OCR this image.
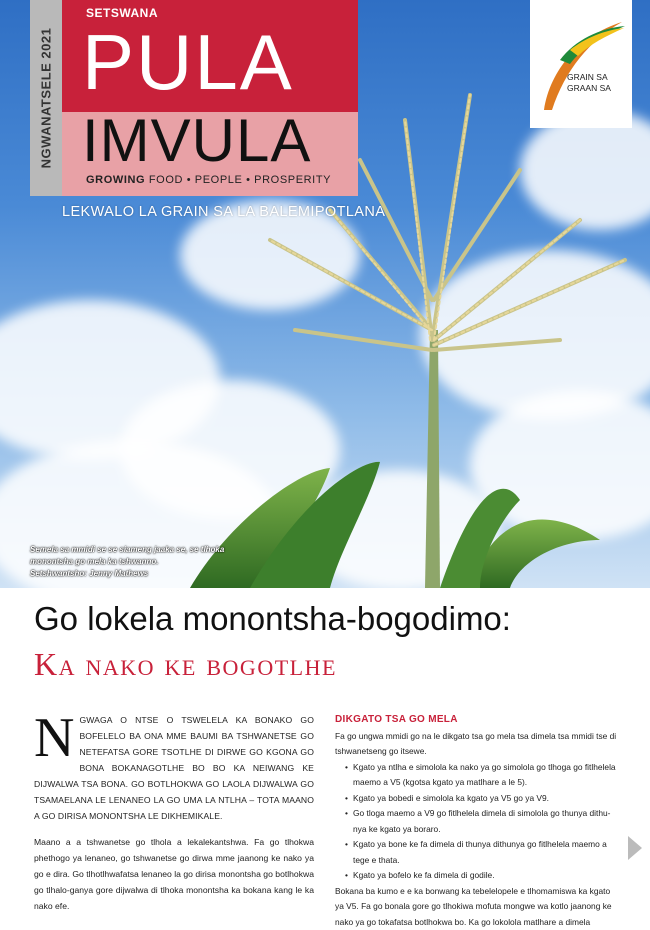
NGWANATSELE 2021
SETSWANA
PULA
IMVULA
GROWING FOOD • PEOPLE • PROSPERITY
LEKWALO LA GRAIN SA LA BALEMIPOTLANA
GRAIN SA
GRAAN SA
Semela sa mmidi se se siameng jaaka se, se tlhoka monontsha go mela ka tshwanno.
Setshwantsho: Jenny Mathews
Go lokela monontsha-bogodimo:
Ka nako ke bogotlhe
N GWAGA O NTSE O TSWELELA KA BONAKO GO BOFELELO BA ONA MME BAUMI BA TSHWANETSE GO NETEFATSA GORE TSOTLHE DI DIRWE GO KGONA GO BONA BOKANAGOTLHE BO BO KA NEIWANG KE DIJWALWA TSA BONA. GO BOTLHOKWA GO LAOLA DIJWALWA GO TSAMAELANA LE LENANEO LA GO UMA LA NTLHA – TOTA MAANO A GO DIRISA MONONTSHA LE DIKHEMIKALE.

Maano a a tshwanetse go tlhola a lekalekantshwa. Fa go tlhokwa phethogo ya lenaneo, go tshwanetse go dirwa mme jaanong ke nako ya go e dira. Go tlhotlhwafatsa lenaneo la go dirisa monontsha go botlhokwa go tlhalo-ganya gore dijwalwa di tlhoka monontsha ka bokana kang le ka nako efe.

DIKGATO TSA GO MELA

Fa go ungwa mmidi go na le dikgato tsa go mela tsa dimela tsa mmidi tse di tshwanetseng go itsewe.

• Kgato ya ntlha e simolola ka nako ya go simolola go tlhoga go fitlhelela maemo a V5 (kgotsa kgato ya matlhare a le 5).
• Kgato ya bobedi e simolola ka kgato ya V5 go ya V9.
• Go tloga maemo a V9 go fitlhelela dimela di simolola go thunya dithu-nya ke kgato ya boraro.
• Kgato ya bone ke fa dimela di thunya dithunya go fitlhelela maemo a tege e thata.
• Kgato ya bofelo ke fa dimela di godile.

Bokana ba kumo e e ka bonwang ka tebelelopele e tlhomamiswa ka kgato ya V5. Fa go bonala gore go tlhokiwa mofuta mongwe wa kotlo jaanong ke nako ya go tokafatsa botlhokwa bo. Ka go lokolola matlhare a dimela
